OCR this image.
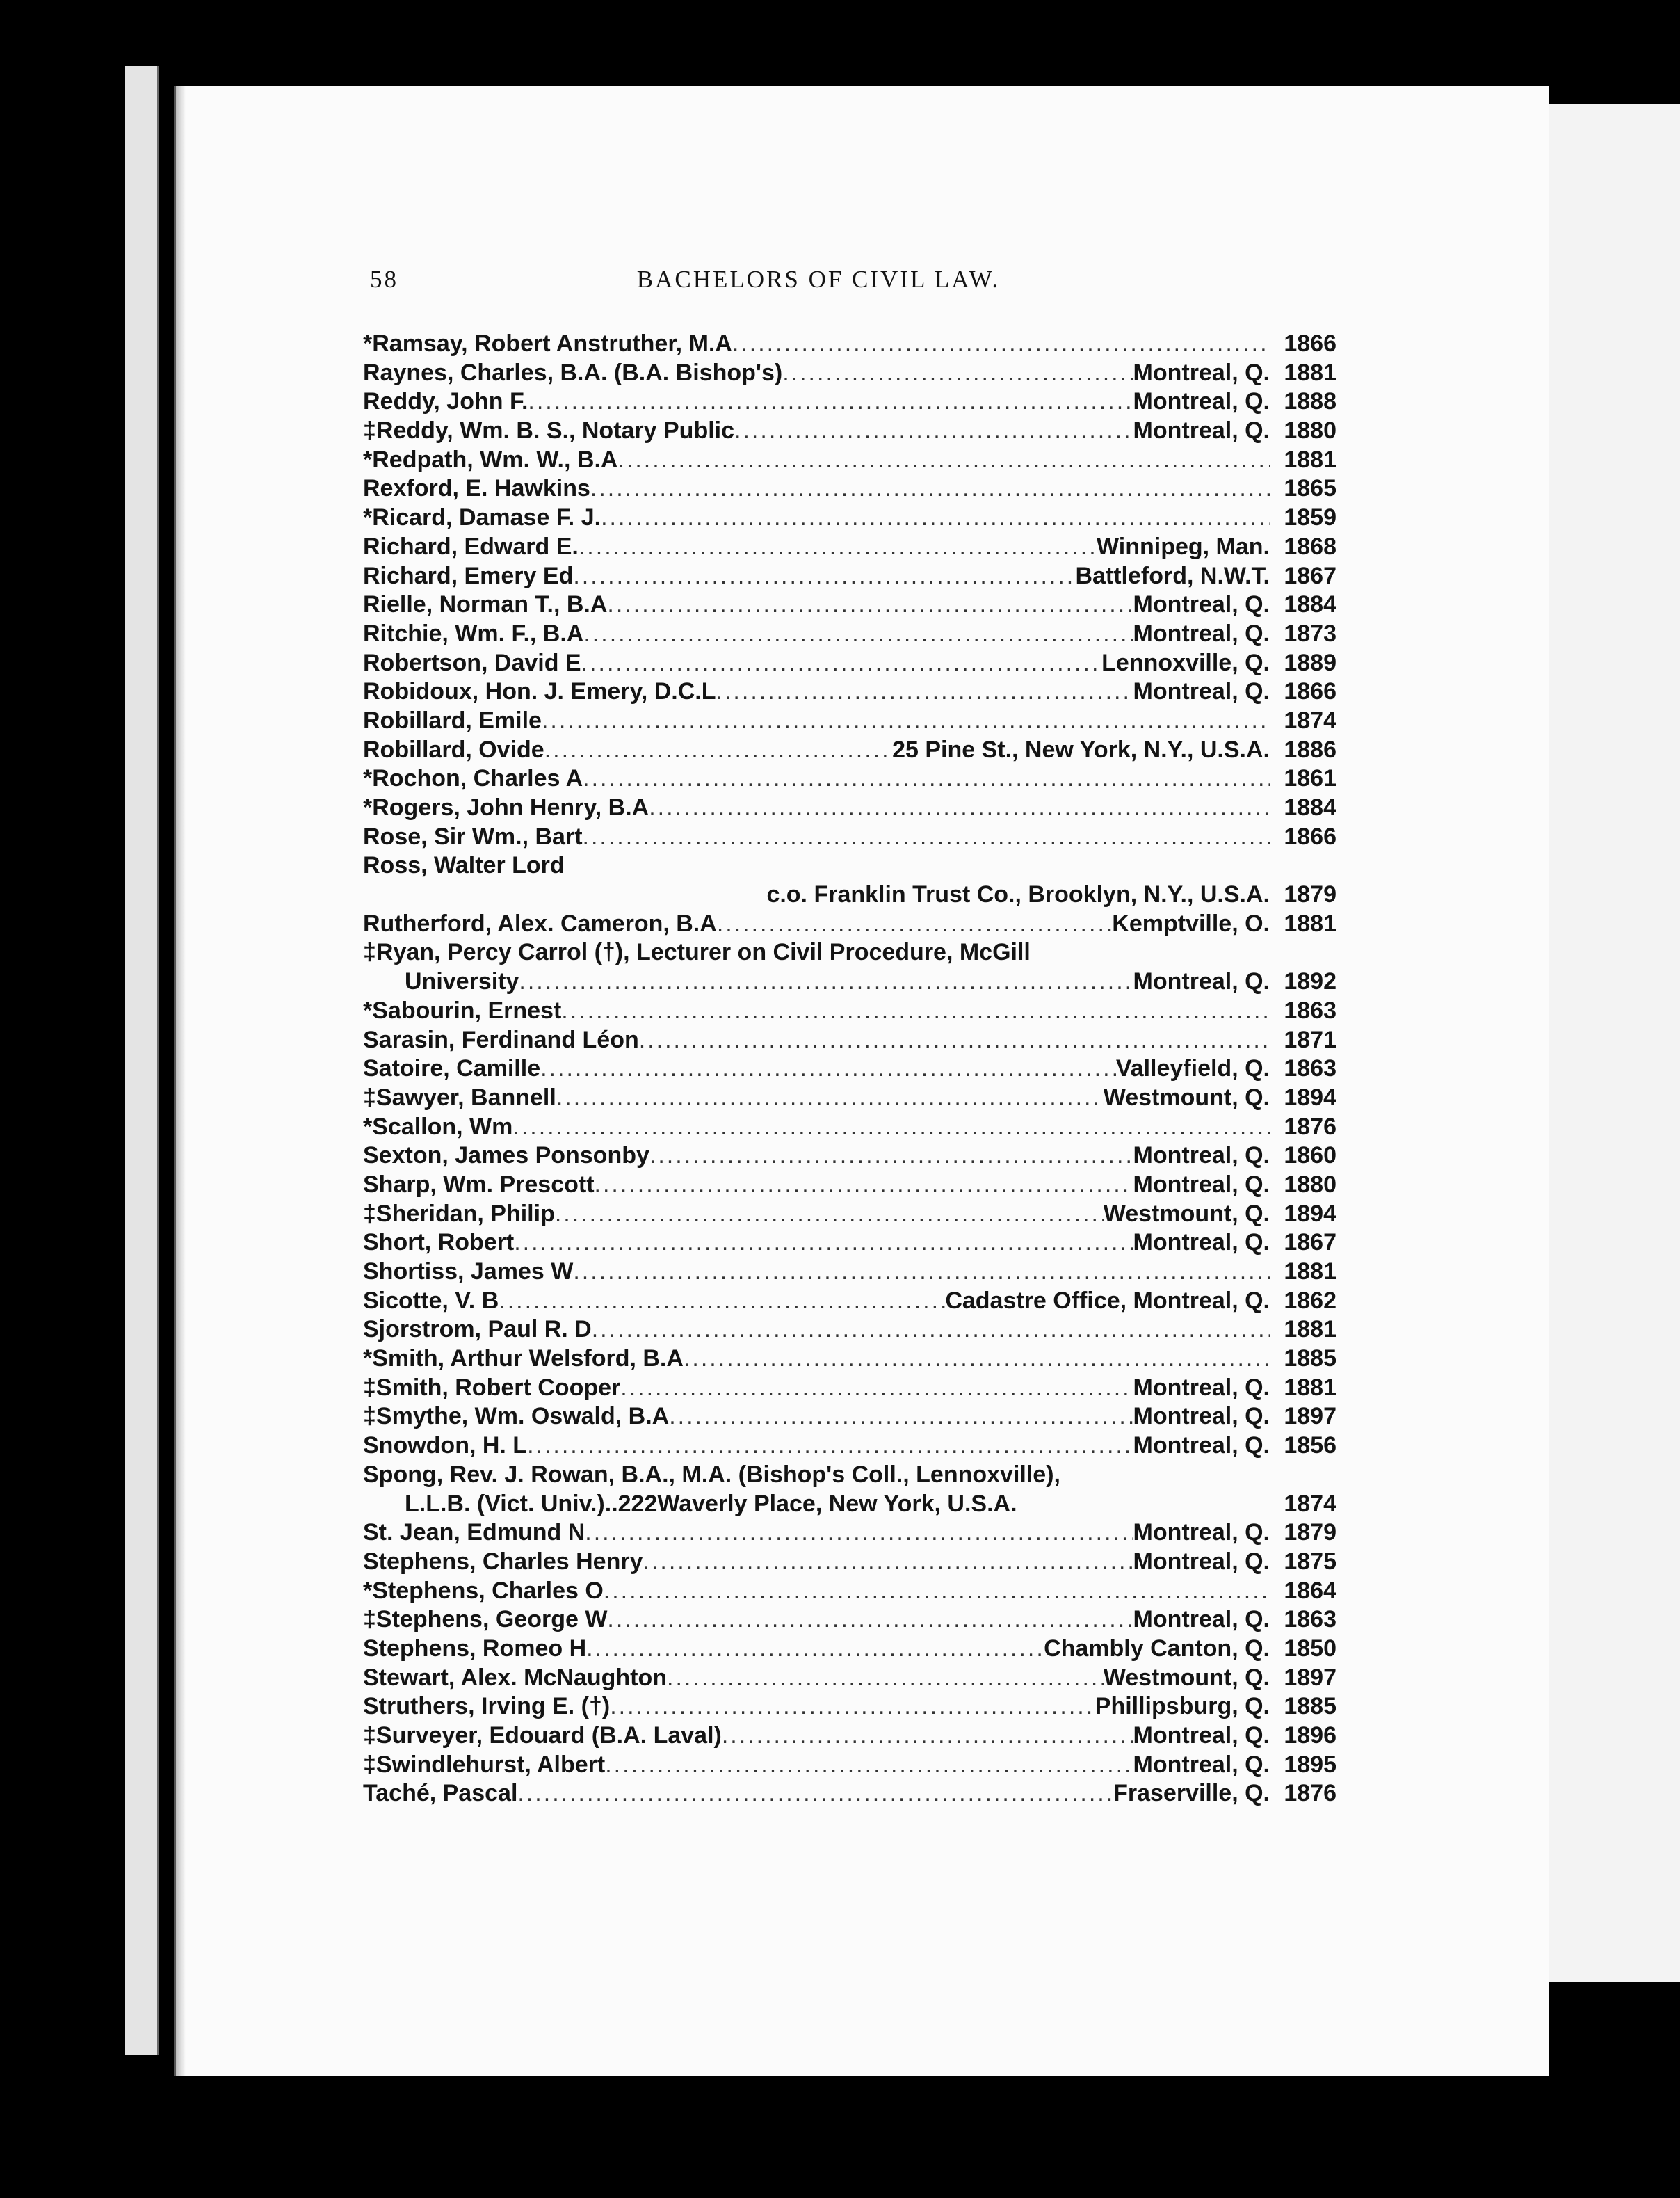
58	BACHELORS OF CIVIL LAW.
*Ramsay, Robert Anstruther, M.A .....	1866
Raynes, Charles, B.A. (B.A. Bishop's) .....	Montreal, Q. 1881
Reddy, John F. .....	Montreal, Q. 1888
‡Reddy, Wm. B. S., Notary Public .....	Montreal, Q. 1880
*Redpath, Wm. W., B.A .....	1881
Rexford, E. Hawkins .....	1865
*Ricard, Damase F. J. .....	1859
Richard, Edward E. .....	Winnipeg, Man. 1868
Richard, Emery Ed .....	Battleford, N.W.T. 1867
Rielle, Norman T., B.A .....	Montreal, Q. 1884
Ritchie, Wm. F., B.A .....	Montreal, Q. 1873
Robertson, David E .....	Lennoxville, Q. 1889
Robidoux, Hon. J. Emery, D.C.L .....	Montreal, Q. 1866
Robillard, Emile .....	1874
Robillard, Ovide .....	25 Pine St., New York, N.Y., U.S.A. 1886
*Rochon, Charles A .....	1861
*Rogers, John Henry, B.A .....	1884
Rose, Sir Wm., Bart .....	1866
Ross, Walter Lord
c.o. Franklin Trust Co., Brooklyn, N.Y., U.S.A. 1879
Rutherford, Alex. Cameron, B.A .....	Kemptville, O. 1881
‡Ryan, Percy Carrol (†), Lecturer on Civil Procedure, McGill
University .....	Montreal, Q. 1892
*Sabourin, Ernest .....	1863
Sarasin, Ferdinand Léon .....	1871
Satoire, Camille .....	Valleyfield, Q. 1863
‡Sawyer, Bannell .....	Westmount, Q. 1894
*Scallon, Wm .....	1876
Sexton, James Ponsonby .....	Montreal, Q. 1860
Sharp, Wm. Prescott .....	Montreal, Q. 1880
‡Sheridan, Philip .....	Westmount, Q. 1894
Short, Robert .....	Montreal, Q. 1867
Shortiss, James W .....	1881
Sicotte, V. B .....	Cadastre Office, Montreal, Q. 1862
Sjorstrom, Paul R. D .....	1881
*Smith, Arthur Welsford, B.A .....	1885
‡Smith, Robert Cooper .....	Montreal, Q. 1881
‡Smythe, Wm. Oswald, B.A .....	Montreal, Q. 1897
Snowdon, H. L .....	Montreal, Q. 1856
Spong, Rev. J. Rowan, B.A., M.A. (Bishop's Coll., Lennoxville),
L.L.B. (Vict. Univ.)..222Waverly Place, New York, U.S.A.	1874
St. Jean, Edmund N .....	Montreal, Q. 1879
Stephens, Charles Henry .....	Montreal, Q. 1875
*Stephens, Charles O .....	1864
‡Stephens, George W .....	Montreal, Q. 1863
Stephens, Romeo H .....	Chambly Canton, Q. 1850
Stewart, Alex. McNaughton .....	Westmount, Q. 1897
Struthers, Irving E. (†) .....	Phillipsburg, Q. 1885
‡Surveyer, Edouard (B.A. Laval) .....	Montreal, Q. 1896
‡Swindlehurst, Albert .....	Montreal, Q. 1895
Taché, Pascal .....	Fraserville, Q. 1876
